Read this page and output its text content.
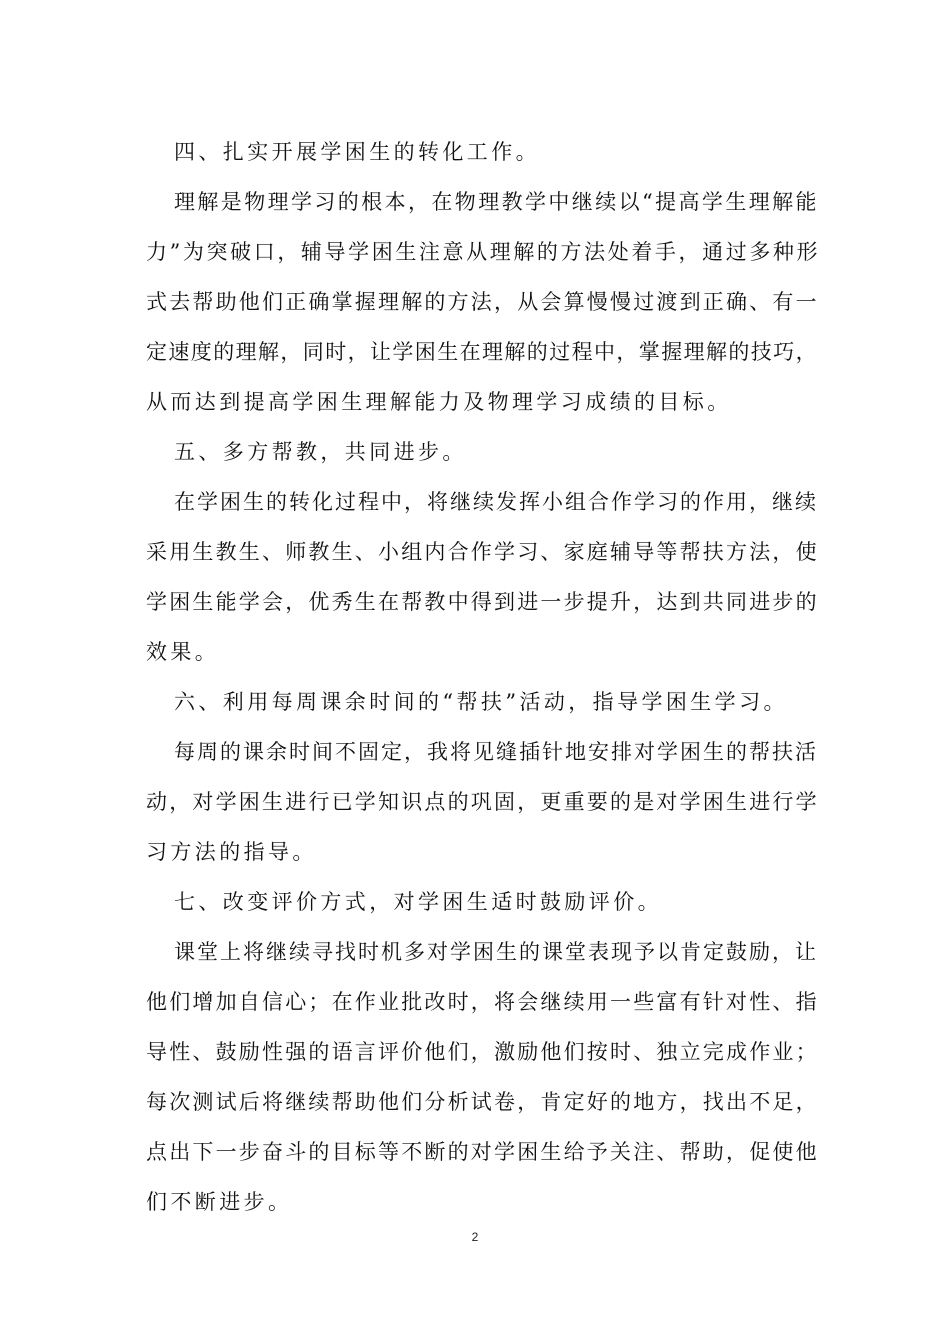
四、扎实开展学困生的转化工作。
理解是物理学习的根本，在物理教学中继续以“提高学生理解能
力”为突破口，辅导学困生注意从理解的方法处着手，通过多种形
式去帮助他们正确掌握理解的方法，从会算慢慢过渡到正确、有一
定速度的理解，同时，让学困生在理解的过程中，掌握理解的技巧，
从而达到提高学困生理解能力及物理学习成绩的目标。
五、多方帮教，共同进步。
在学困生的转化过程中，将继续发挥小组合作学习的作用，继续
采用生教生、师教生、小组内合作学习、家庭辅导等帮扶方法，使
学困生能学会，优秀生在帮教中得到进一步提升，达到共同进步的
效果。
六、利用每周课余时间的“帮扶”活动，指导学困生学习。
每周的课余时间不固定，我将见缝插针地安排对学困生的帮扶活
动，对学困生进行已学知识点的巩固，更重要的是对学困生进行学
习方法的指导。
七、改变评价方式，对学困生适时鼓励评价。
课堂上将继续寻找时机多对学困生的课堂表现予以肯定鼓励，让
他们增加自信心；在作业批改时，将会继续用一些富有针对性、指
导性、鼓励性强的语言评价他们，激励他们按时、独立完成作业；
每次测试后将继续帮助他们分析试卷，肯定好的地方，找出不足，
点出下一步奋斗的目标等不断的对学困生给予关注、帮助，促使他
们不断进步。
2
